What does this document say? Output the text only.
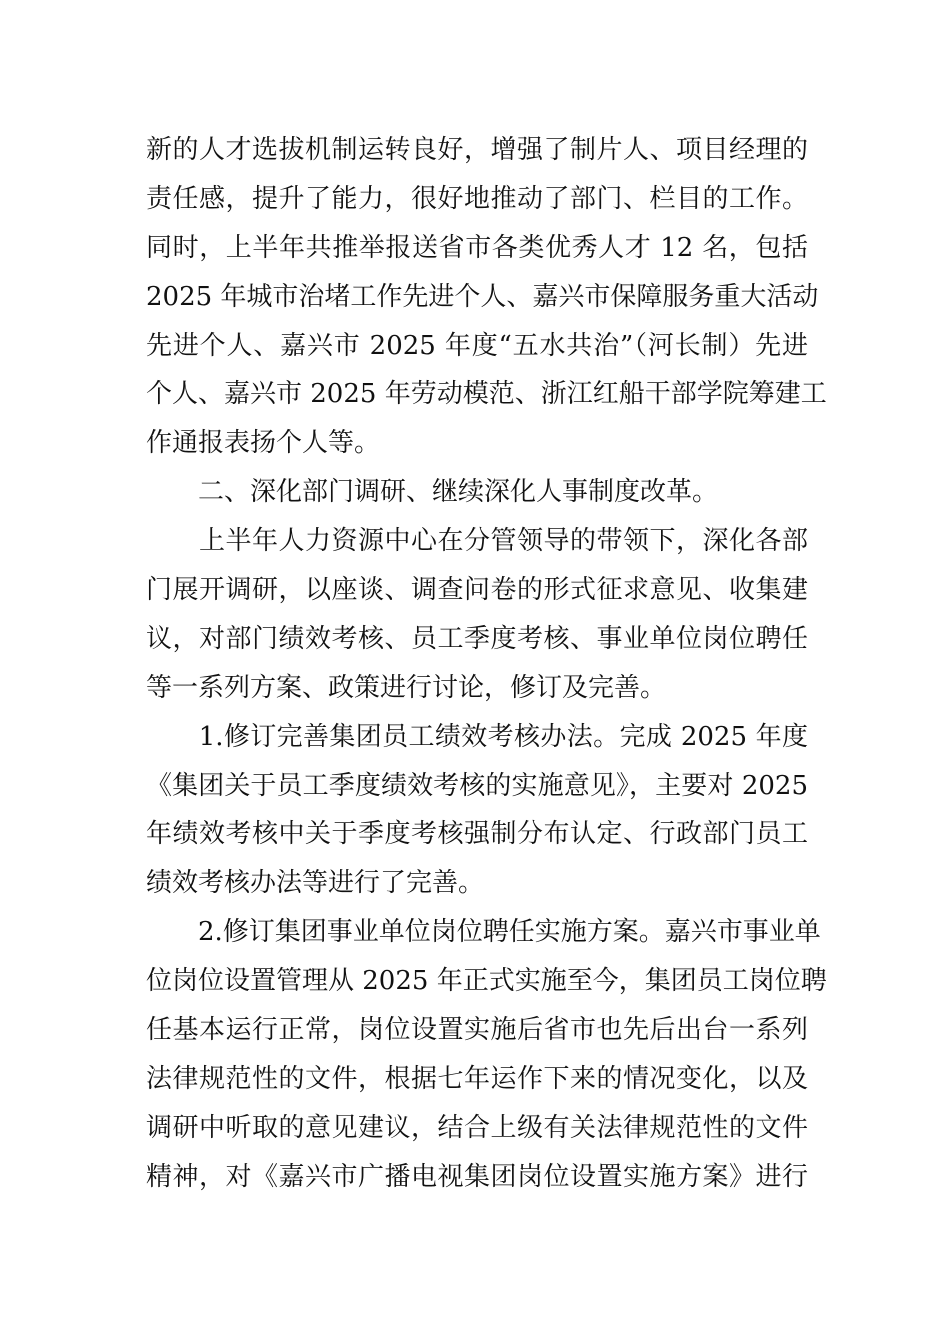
新的人才选拔机制运转良好，增强了制片人、项目经理的
责任感，提升了能力，很好地推动了部门、栏目的工作。
同时，上半年共推举报送省市各类优秀人才 12 名，包括
2025 年城市治堵工作先进个人、嘉兴市保障服务重大活动
先进个人、嘉兴市 2025 年度“五水共治”（河长制）先进
个人、嘉兴市 2025 年劳动模范、浙江红船干部学院筹建工
作通报表扬个人等。
　　二、深化部门调研、继续深化人事制度改革。
　　上半年人力资源中心在分管领导的带领下，深化各部
门展开调研，以座谈、调查问卷的形式征求意见、收集建
议，对部门绩效考核、员工季度考核、事业单位岗位聘任
等一系列方案、政策进行讨论，修订及完善。
　　1.修订完善集团员工绩效考核办法。完成 2025 年度
《集团关于员工季度绩效考核的实施意见》，主要对 2025
年绩效考核中关于季度考核强制分布认定、行政部门员工
绩效考核办法等进行了完善。
　　2.修订集团事业单位岗位聘任实施方案。嘉兴市事业单
位岗位设置管理从 2025 年正式实施至今，集团员工岗位聘
任基本运行正常，岗位设置实施后省市也先后出台一系列
法律规范性的文件，根据七年运作下来的情况变化，以及
调研中听取的意见建议，结合上级有关法律规范性的文件
精神，对《嘉兴市广播电视集团岗位设置实施方案》进行
